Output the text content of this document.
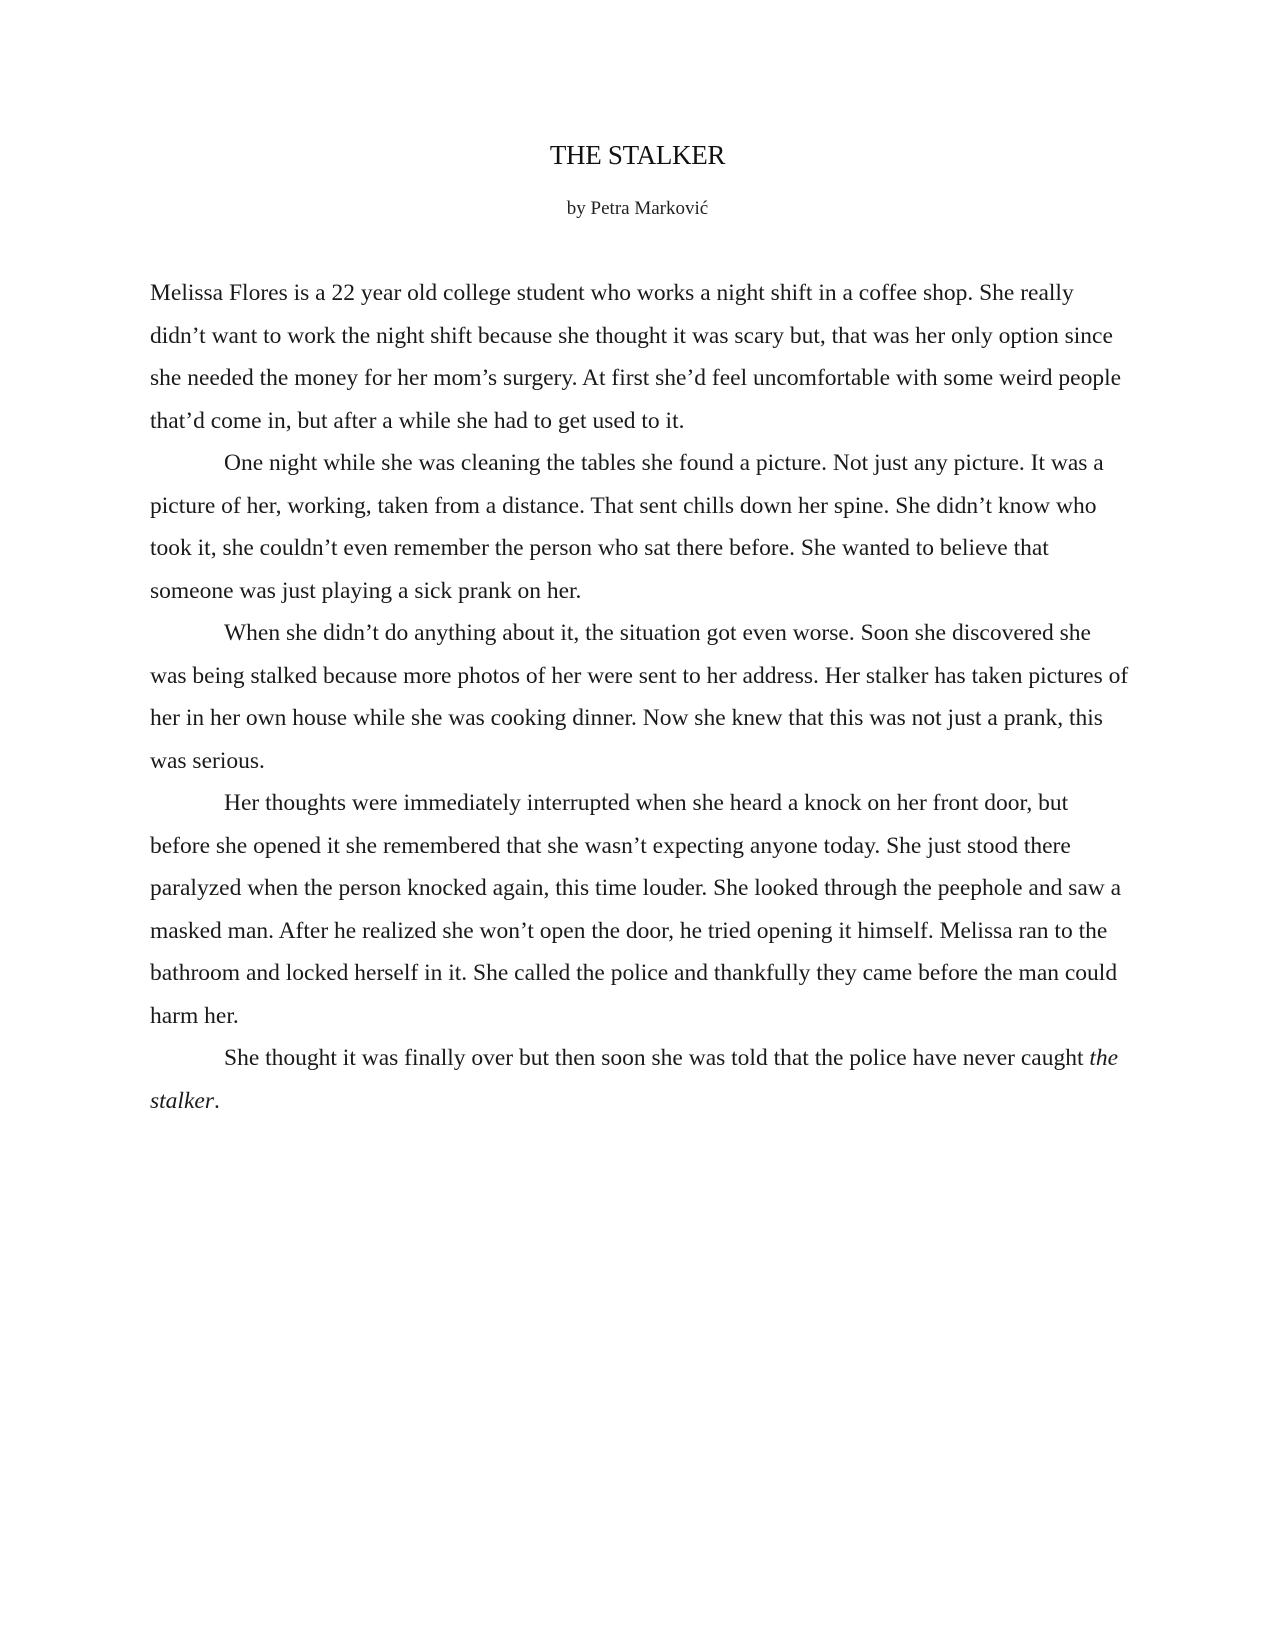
THE STALKER
by Petra Marković

Melissa Flores is a 22 year old college student who works a night shift in a coffee shop. She really didn’t want to work the night shift because she thought it was scary but, that was her only option since she needed the money for her mom’s surgery. At first she’d feel uncomfortable with some weird people that’d come in, but after a while she had to get used to it.

One night while she was cleaning the tables she found a picture. Not just any picture. It was a picture of her, working, taken from a distance. That sent chills down her spine. She didn’t know who took it, she couldn’t even remember the person who sat there before. She wanted to believe that someone was just playing a sick prank on her.

When she didn’t do anything about it, the situation got even worse. Soon she discovered she was being stalked because more photos of her were sent to her address. Her stalker has taken pictures of her in her own house while she was cooking dinner. Now she knew that this was not just a prank, this was serious.

Her thoughts were immediately interrupted when she heard a knock on her front door, but before she opened it she remembered that she wasn’t expecting anyone today. She just stood there paralyzed when the person knocked again, this time louder. She looked through the peephole and saw a masked man. After he realized she won’t open the door, he tried opening it himself. Melissa ran to the bathroom and locked herself in it. She called the police and thankfully they came before the man could harm her.

She thought it was finally over but then soon she was told that the police have never caught the stalker.
